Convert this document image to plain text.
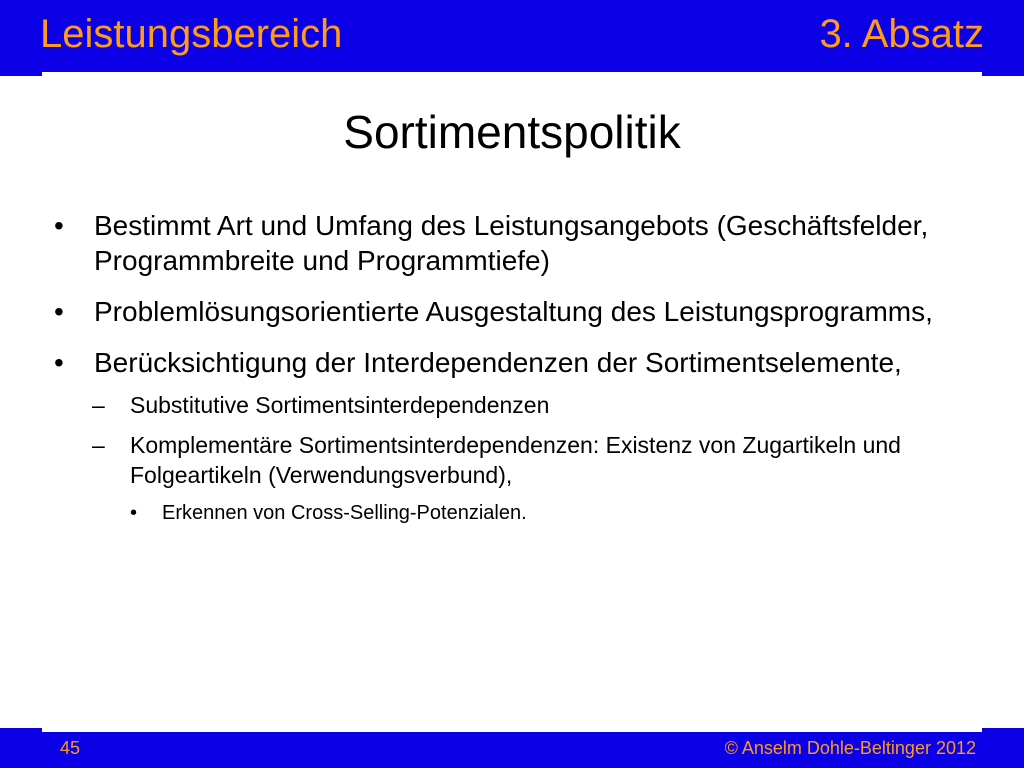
Leistungsbereich	3. Absatz
Sortimentspolitik
• Bestimmt Art und Umfang des Leistungsangebots (Geschäftsfelder, Programmbreite und Programmtiefe)
• Problemlösungsorientierte Ausgestaltung des Leistungsprogramms,
• Berücksichtigung der Interdependenzen der Sortimentselemente,
– Substitutive Sortimentsinterdependenzen
– Komplementäre Sortimentsinterdependenzen: Existenz von Zugartikeln und Folgeartikeln (Verwendungsverbund),
• Erkennen von Cross-Selling-Potenzialen.
45	© Anselm Dohle-Beltinger 2012
